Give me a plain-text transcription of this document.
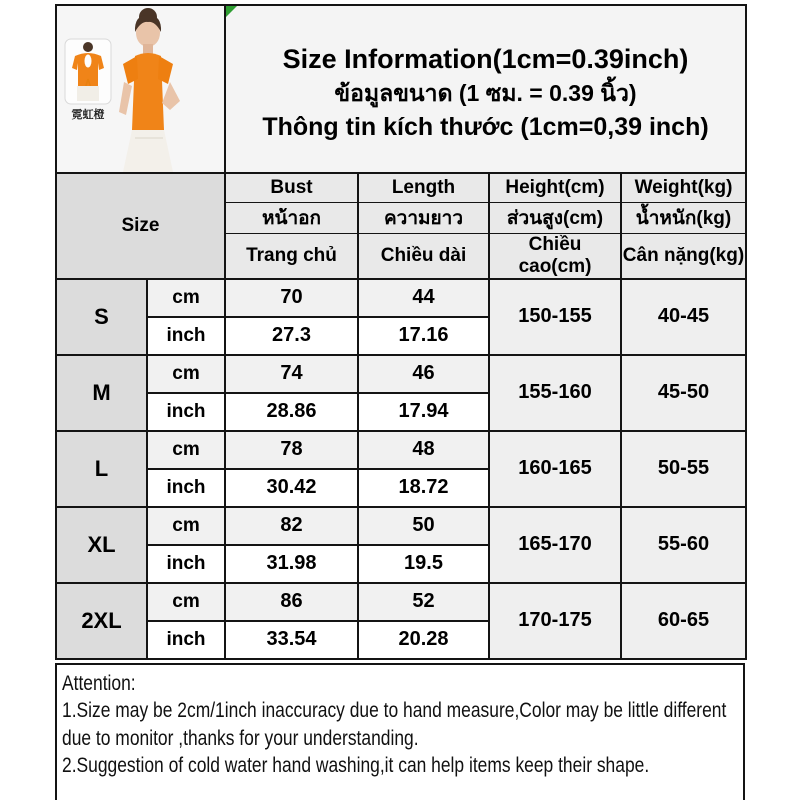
霓虹橙		Size Information(1cm=0.39inch)
ข้อมูลขนาด (1 ซม. = 0.39 นิ้ว)
Thông tin kích thước (1cm=0,39 inch)			

Size		Bust	Length	Height(cm)	Weight(kg)
		หน้าอก	ความยาว	ส่วนสูง(cm)	น้ำหนัก(kg)
		Trang chủ	Chiều dài	Chiều cao(cm)	Cân nặng(kg)
S	cm	70	44	150-155	40-45
	inch	27.3	17.16		
M	cm	74	46	155-160	45-50
	inch	28.86	17.94		
L	cm	78	48	160-165	50-55
	inch	30.42	18.72		
XL	cm	82	50	165-170	55-60
	inch	31.98	19.5		
2XL	cm	86	52	170-175	60-65
	inch	33.54	20.28		
Attention:
1.Size may be 2cm/1inch inaccuracy due to hand measure,Color may be little different
due to monitor ,thanks for your understanding.
2.Suggestion of cold water hand washing,it can help items keep their shape.
